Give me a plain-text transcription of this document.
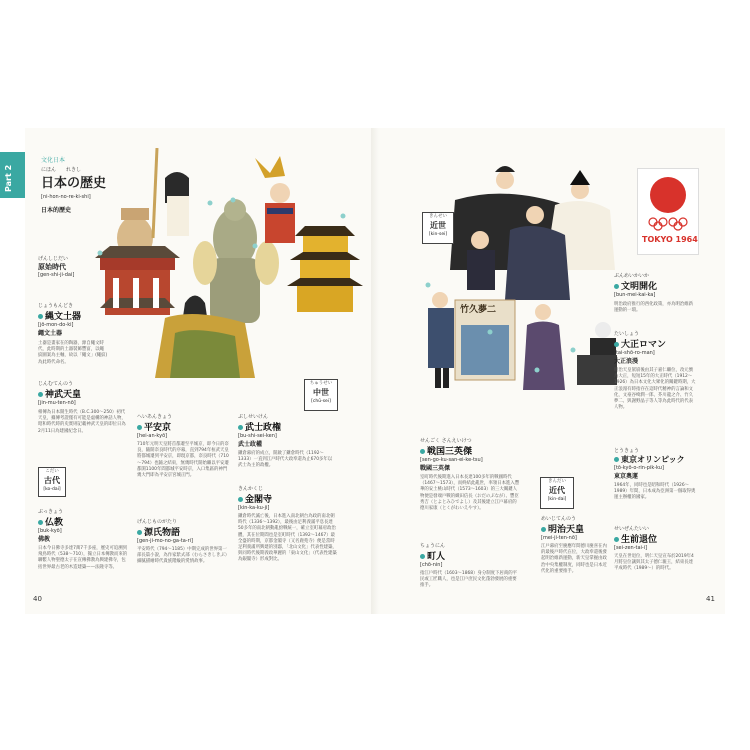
Part 2
文化日本
にほん　　れきし
日本の歴史
[ni-hon-no-re-ki-shi]
日本的歷史
げんしじだい
原始時代
[gen-shi-ji-dai]
じょうもんどき
縄文土器
[jō-mon-do-ki]
繩文土器
土器是畫家在的陶器，源自繩文時代，此時期的土器裝飾豐富，以繩紋圖案為主軸，故以「繩文」(繩紋)為此時代命名。
じんむてんのう
神武天皇
[jin-mu-ten-nō]
相傳為日本開生時代（B.C.300～250）初代天皇，據傳考證僅有可能是虛構的神話人物，昭和時代時的史實則記載神武天皇的即位日為2月11日為建國紀念日。
こだい
古代
[ko-dai]
ぶっきょう
仏教
[buk-kyō]
佛教
日本今日佛寺多達7萬7千多座，歷史可追溯到飛鳥時代（538～710），獨立日本傳教而來的聯繫人物聖德太子在宣傳佛教為興建佛寺，包括世界最古老的木造建築——法隆寺等。
へいあんきょう
平安京
[hei-an-kyō]
710年元明天皇將首都遷至平城京，即今日的奈良，隨開奈良時代的序幕，直到794年桓武天皇將都城遷到平安京，即現京都，奈良時代（710～794）也隨之結束，無幾時代開始繼以平安遷都開1100年間都城平安時京，入口集區的神門幾大門即為平安京宮城正門。
げんじものがたり
源氏物語
[gen-ji-mo-no-ga-ta-ri]
平安時代（794～1185）中期完成的世界第一部長篇小說，為作家紫式部（むらさきしきぶ）細膩描繪時代貴族階級的愛情故事。
ちゅうせい
中世
[chū-sei]
ぶしせいけん
武士政権
[bu-shi-sei-ken]
武士政權
鎌倉幕府的成立，開啟了鎌倉時代（1192～1333）一直到江戶時代大政奉還為止670多年以武士為主的政權。
きんかくじ
金閣寺
[kin-ka-ku-ji]
鎌倉時代滅亡後，日本進入南北朝台為政的南北朝時代（1336～1392），最後由足利義滿平息長達50多年的南北朝動亂紛戰統一，確立室町幕府政治體，其在位期間也是室町時代（1392～1467）最全盛的時期，京都金閣寺（又名鹿苑寺）便是當時足利義滿所興建的別邸，「北山文化」代表性建築，與同時代後期義政華麗的「東山文化」（代表性建築為銀閣寺）形成對比。
40
TOKYO 1964
竹久夢二
きんせい
近世
[kin-sei]
せんごく さんえいけつ
戦国三英傑
[sen-go-ku-san-ei-ke-tsu]
戰國三英傑
室町時代後期進入日本長達100多年的戰國時代（1467～1573），而終結此亂世，率領日本進入豐華的安土桃山時代（1573～1603）的三大關鍵人物便是發端戶戰的織田信長（おだのぶなが）、豐臣秀吉（とよとみひでよし）及其後建立江戶幕府的德川家康（とくがわいえやす）。
ちょうにん
町人
[chō-nin]
指江戶時代（1603～1868）身分制度下居商的平民或工匠職人，也是江戶庶民文化蓬勃發展的重要推手。
きんだい
近代
[kin-dai]
めいじてんのう
明治天皇
[mei-ji-ten-nō]
江戶幕府至慶應年間德川慶喜在內的最後戶時代在位，大政奉還後發起明治維新運動，新天皇掌握由政治中央集權制度，同時也是日本近代化的重要推手。
ぶんめいかいか
文明開化
[bun-mei-kai-ka]
明治政府推行的西化政策，亦為明治維新運動的一環。
たいしょう
大正ロマン
[tai-shō-ro-man]
大正浪漫
明治天皇駕崩後由其子嘉仁繼位，改元號為大正，短短15年的大正時代（1912～1926）為日本文化大眾化的關鍵時期，大正浪漫有時指存在這時代精神的言論和文化，文豪谷崎潤一郎、芥川龍之介、竹久夢二、與謝野晶子等人等為此時代的代表人物。
とうきょう
東京オリンピック
[tō-kyō-o-rin-pik-ku]
東京奧運
1964年，同時也是昭和時代（1926～1989）年間，日本成為亞洲第一個取得奧運主辦權的國家。
せいぜんたいい
生前退位
[sei-zen-tai-i]
天皇在世退位，明仁天皇宣布於2019年4月將皇位讓與其太子德仁親王，結束長達平成時代（1989～）的時代。
41
